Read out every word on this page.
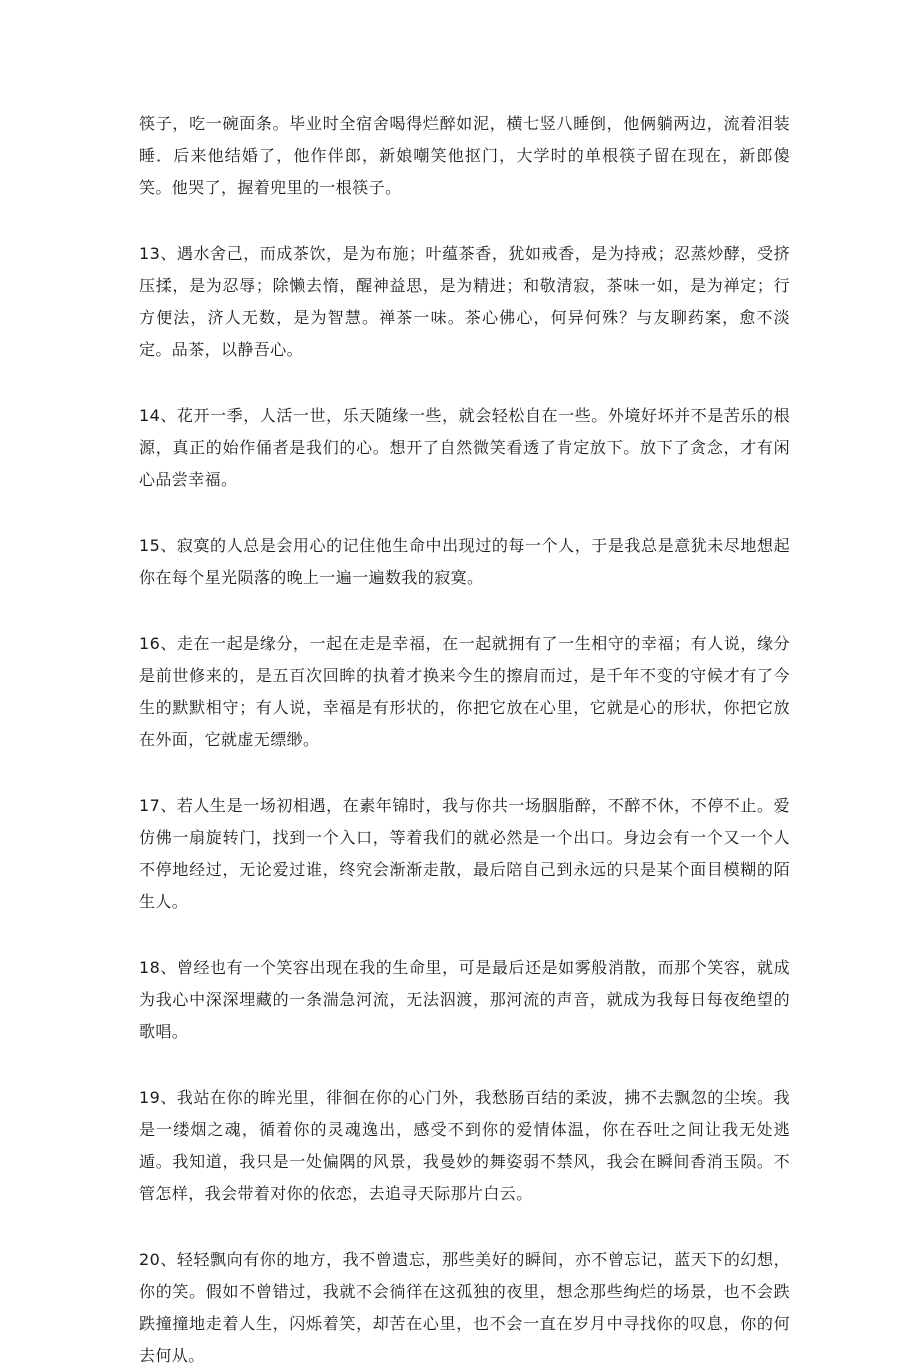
筷子，吃一碗面条。毕业时全宿舍喝得烂醉如泥，横七竖八睡倒，他俩躺两边，流着泪装睡．后来他结婚了，他作伴郎，新娘嘲笑他抠门，大学时的单根筷子留在现在，新郎傻笑。他哭了，握着兜里的一根筷子。

13、遇水舍己，而成茶饮，是为布施；叶蕴茶香，犹如戒香，是为持戒；忍蒸炒酵，受挤压揉，是为忍辱；除懒去惰，醒神益思，是为精进；和敬清寂，茶味一如，是为禅定；行方便法，济人无数，是为智慧。禅茶一味。茶心佛心，何异何殊？与友聊药案，愈不淡定。品茶，以静吾心。

14、花开一季，人活一世，乐天随缘一些，就会轻松自在一些。外境好坏并不是苦乐的根源，真正的始作俑者是我们的心。想开了自然微笑看透了肯定放下。放下了贪念，才有闲心品尝幸福。

15、寂寞的人总是会用心的记住他生命中出现过的每一个人，于是我总是意犹未尽地想起你在每个星光陨落的晚上一遍一遍数我的寂寞。

16、走在一起是缘分，一起在走是幸福，在一起就拥有了一生相守的幸福；有人说，缘分是前世修来的，是五百次回眸的执着才换来今生的擦肩而过，是千年不变的守候才有了今生的默默相守；有人说，幸福是有形状的，你把它放在心里，它就是心的形状，你把它放在外面，它就虚无缥缈。

17、若人生是一场初相遇，在素年锦时，我与你共一场胭脂醉，不醉不休，不停不止。爱仿佛一扇旋转门，找到一个入口，等着我们的就必然是一个出口。身边会有一个又一个人不停地经过，无论爱过谁，终究会渐渐走散，最后陪自己到永远的只是某个面目模糊的陌生人。

18、曾经也有一个笑容出现在我的生命里，可是最后还是如雾般消散，而那个笑容，就成为我心中深深埋藏的一条湍急河流，无法泅渡，那河流的声音，就成为我每日每夜绝望的歌唱。

19、我站在你的眸光里，徘徊在你的心门外，我愁肠百结的柔波，拂不去飘忽的尘埃。我是一缕烟之魂，循着你的灵魂逸出，感受不到你的爱情体温，你在吞吐之间让我无处逃遁。我知道，我只是一处偏隅的风景，我曼妙的舞姿弱不禁风，我会在瞬间香消玉陨。不管怎样，我会带着对你的依恋，去追寻天际那片白云。

20、轻轻飘向有你的地方，我不曾遗忘，那些美好的瞬间，亦不曾忘记，蓝天下的幻想，你的笑。假如不曾错过，我就不会徜徉在这孤独的夜里，想念那些绚烂的场景，也不会跌跌撞撞地走着人生，闪烁着笑，却苦在心里，也不会一直在岁月中寻找你的叹息，你的何去何从。
